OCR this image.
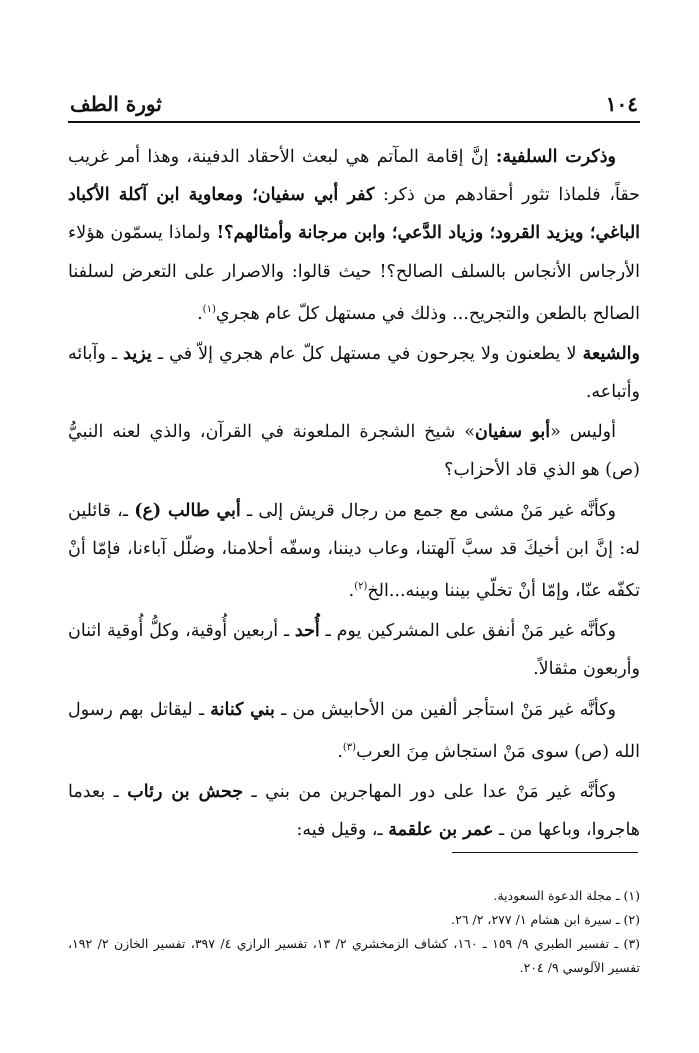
١٠٤
ثورة الطف

وذكرت السلفية: إنَّ إقامة المآتم هي لبعث الأحقاد الدفينة، وهذا أمر غريب حقاً، فلماذا تثور أحقادهم من ذكر: كفر أبي سفيان؛ ومعاوية ابن آكلة الأكباد الباغي؛ ويزيد القرود؛ وزياد الدَّعي؛ وابن مرجانة وأمثالهم؟! ولماذا يسمّون هؤلاء الأرجاس الأنجاس بالسلف الصالح؟! حيث قالوا: والاصرار على التعرض لسلفنا الصالح بالطعن والتجريح... وذلك في مستهل كلّ عام هجري$^{(١)}$.

والشيعة لا يطعنون ولا يجرحون في مستهل كلّ عام هجري إلاّ في ـ يزيد ـ وآبائه وأتباعه.

أوليس «أبو سفيان» شيخ الشجرة الملعونة في القرآن، والذي لعنه النبيُّ (ص) هو الذي قاد الأحزاب؟

وكأنَّه غير مَنْ مشى مع جمع من رجال قريش إلى ـ أبي طالب (ع) ـ، قائلين له: إنَّ ابن أخيكَ قد سبَّ آلهتنا، وعاب ديننا، وسفّه أحلامنا، وضلّل آباءنا، فإمّا أنْ تكفّه عنّا، وإمّا أنْ تخلّي بيننا وبينه...الخ$^{(٢)}$.

وكأنَّه غير مَنْ أنفق على المشركين يوم ـ أُحد ـ أربعين أُوقية، وكلُّ أُوقية اثنان وأربعون مثقالاً.

وكأنَّه غير مَنْ استأجر ألفين من الأحابيش من ـ بني كنانة ـ ليقاتل بهم رسول الله (ص) سوى مَنْ استجاش مِنَ العرب$^{(٣)}$.

وكأنَّه غير مَنْ عدا على دور المهاجرين من بني ـ جحش بن رئاب ـ بعدما هاجروا، وباعها من ـ عمر بن علقمة ـ، وقيل فيه:

(١) ـ مجلة الدعوة السعودية.

(٢) ـ سيرة ابن هشام ١/ ٢٧٧، ٢/ ٢٦.

(٣) ـ تفسير الطبري ٩/ ١٥٩ ـ ١٦٠، كشاف الزمخشري ٢/ ١٣، تفسير الرازي ٤/ ٣٩٧، تفسير الخازن ٢/ ١٩٢، تفسير الآلوسي ٩/ ٢٠٤.
